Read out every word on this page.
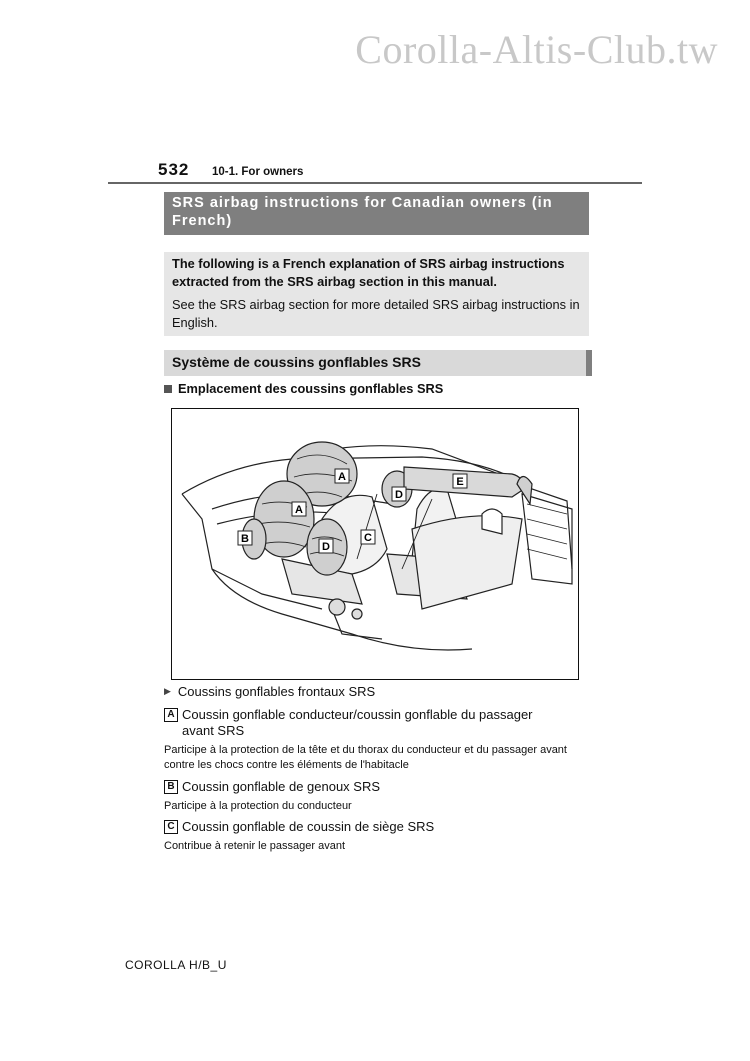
Corolla-Altis-Club.tw
532	10-1. For owners
SRS airbag instructions for Canadian owners (in French)

The following is a French explanation of SRS airbag instructions extracted from the SRS airbag section in this manual.

See the SRS airbag section for more detailed SRS airbag instructions in English.

Système de coussins gonflables SRS
Emplacement des coussins gonflables SRS
A
A
B	C
D
D
E
▶ Coussins gonflables frontaux SRS
A Coussin gonflable conducteur/coussin gonflable du passager avant SRS
Participe à la protection de la tête et du thorax du conducteur et du passager avant contre les chocs contre les éléments de l'habitacle
B Coussin gonflable de genoux SRS
Participe à la protection du conducteur
C Coussin gonflable de coussin de siège SRS
Contribue à retenir le passager avant
COROLLA H/B_U
